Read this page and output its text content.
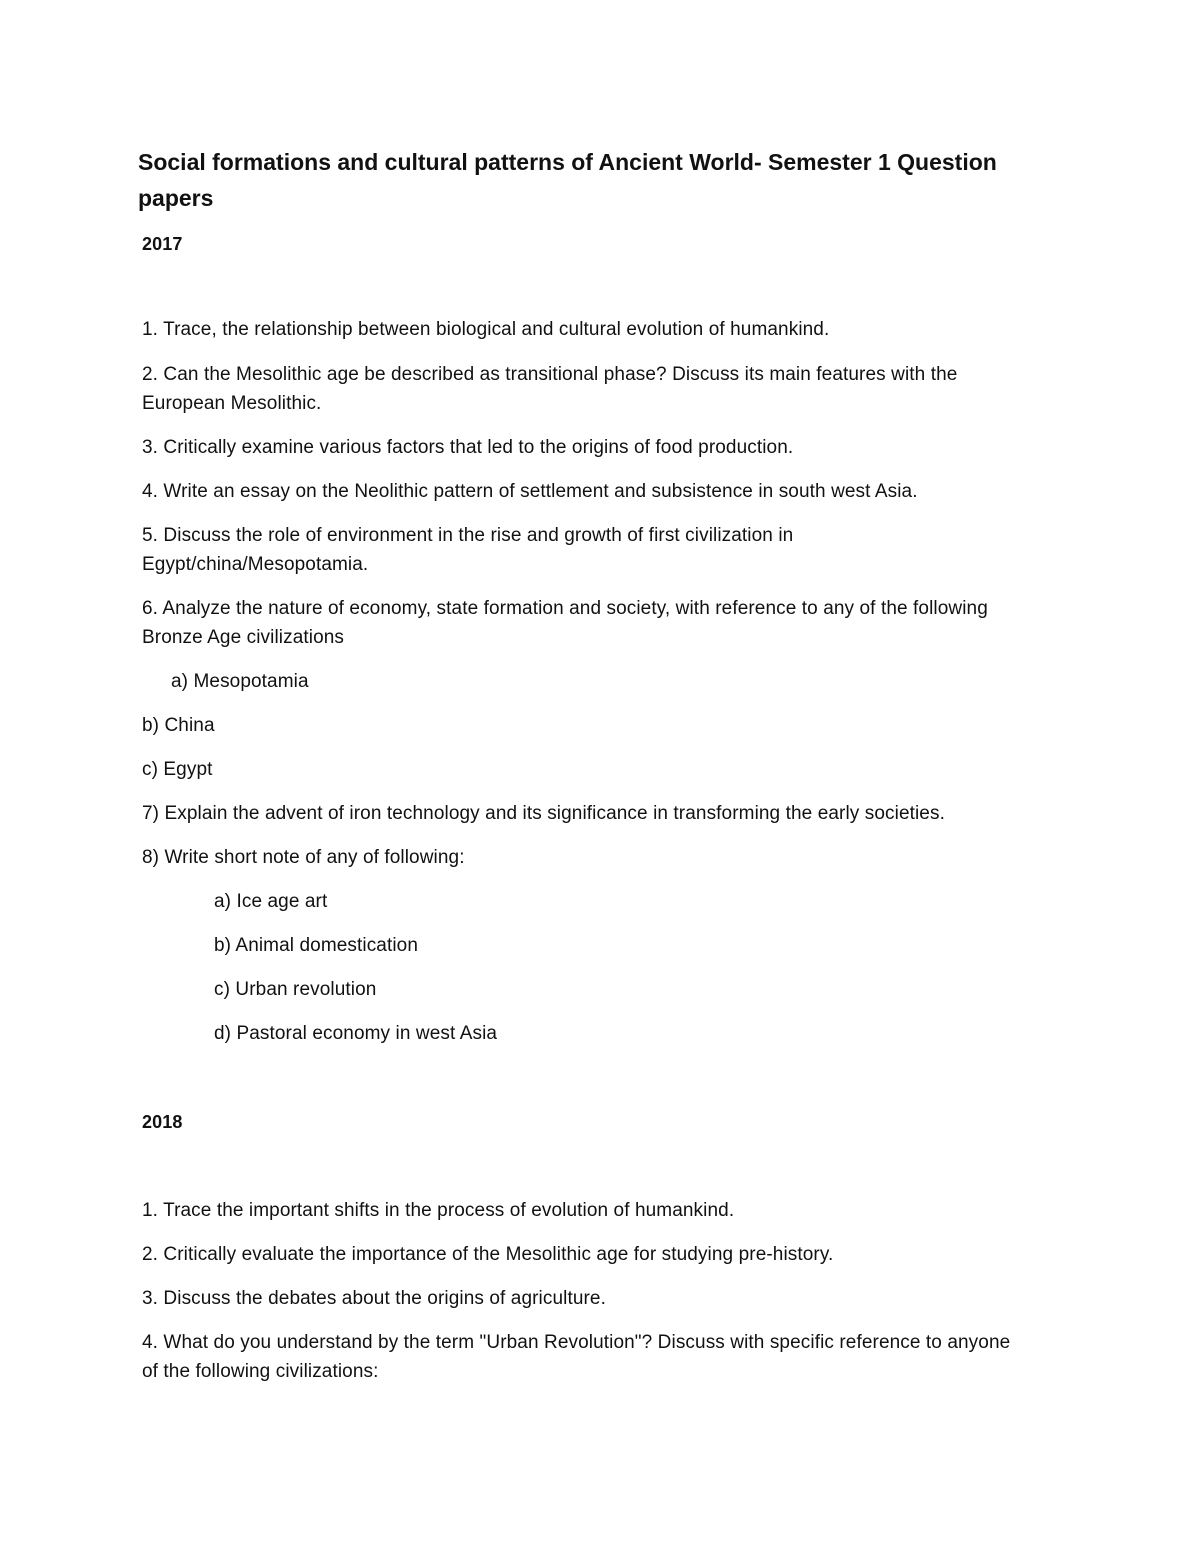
Social formations and cultural patterns of Ancient World- Semester 1 Question papers
2017
1. Trace, the relationship between biological and cultural evolution of humankind.
2. Can the Mesolithic age be described as transitional phase? Discuss its main features with the
European Mesolithic.
3. Critically examine various factors that led to the origins of food production.
4. Write an essay on the Neolithic pattern of settlement and subsistence in south west Asia.
5. Discuss the role of environment in the rise and growth of first civilization in
Egypt/china/Mesopotamia.
6. Analyze the nature of economy, state formation and society, with reference to any of the following
Bronze Age civilizations
a) Mesopotamia
b) China
c) Egypt
7) Explain the advent of iron technology and its significance in transforming the early societies.
8) Write short note of any of following:
a) Ice age art
b) Animal domestication
c) Urban revolution
d) Pastoral economy in west Asia
2018
1. Trace the important shifts in the process of evolution of humankind.
2. Critically evaluate the importance of the Mesolithic age for studying pre-history.
3. Discuss the debates about the origins of agriculture.
4. What do you understand by the term "Urban Revolution"? Discuss with specific reference to anyone
of the following civilizations:
